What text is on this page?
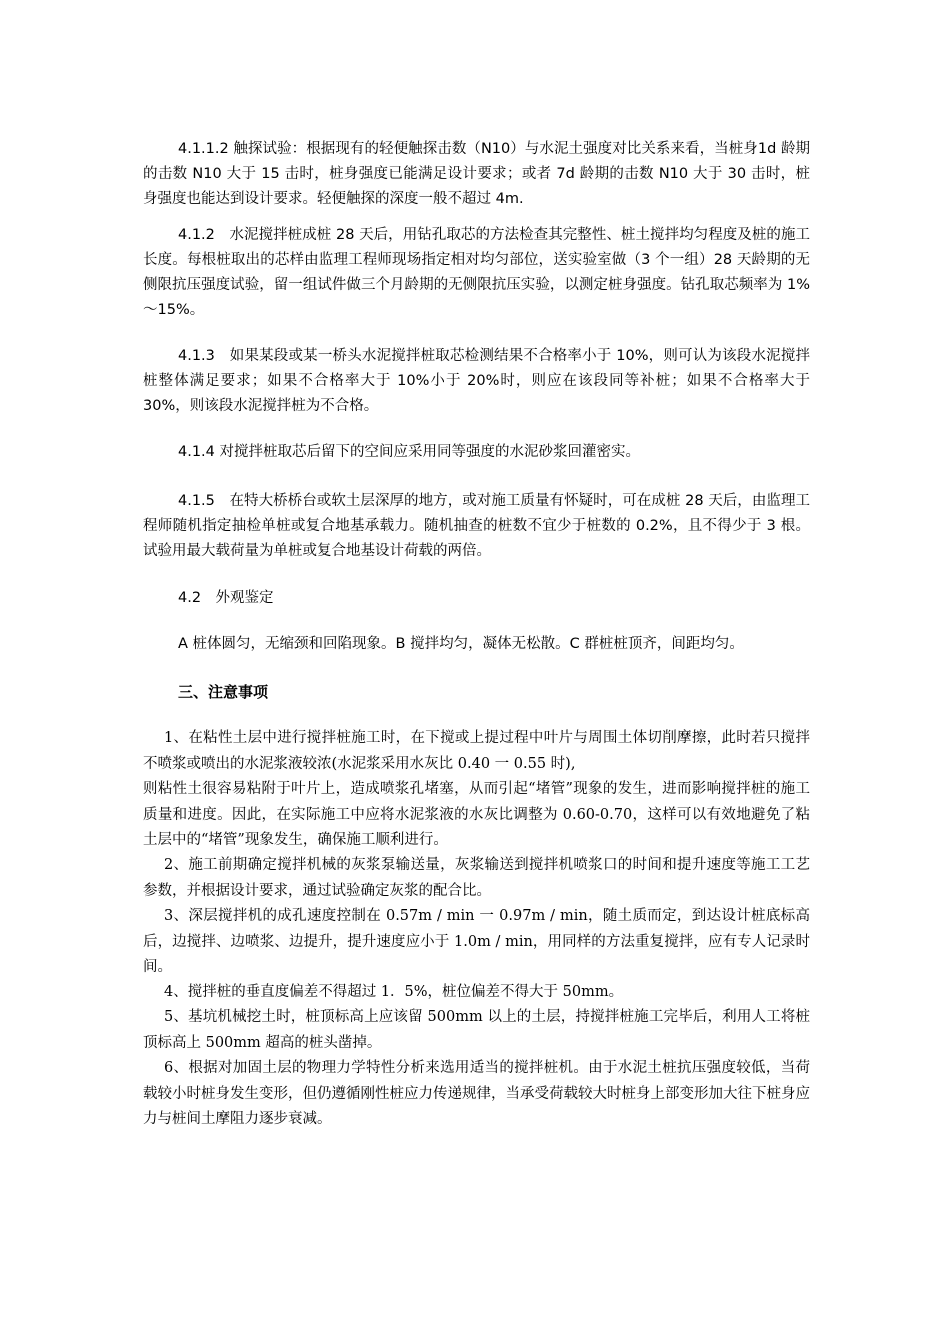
4.1.1.2 触探试验：根据现有的轻便触探击数（N10）与水泥土强度对比关系来看，当桩身1d 龄期的击数 N10 大于 15 击时，桩身强度已能满足设计要求；或者 7d 龄期的击数 N10 大于 30 击时，桩身强度也能达到设计要求。轻便触探的深度一般不超过 4m.

4.1.2　水泥搅拌桩成桩 28 天后，用钻孔取芯的方法检查其完整性、桩土搅拌均匀程度及桩的施工长度。每根桩取出的芯样由监理工程师现场指定相对均匀部位，送实验室做（3 个一组）28 天龄期的无侧限抗压强度试验，留一组试件做三个月龄期的无侧限抗压实验，以测定桩身强度。钻孔取芯频率为 1%～15%。

4.1.3　如果某段或某一桥头水泥搅拌桩取芯检测结果不合格率小于 10%，则可认为该段水泥搅拌桩整体满足要求；如果不合格率大于 10%小于 20%时，则应在该段同等补桩；如果不合格率大于 30%，则该段水泥搅拌桩为不合格。

4.1.4 对搅拌桩取芯后留下的空间应采用同等强度的水泥砂浆回灌密实。

4.1.5　在特大桥桥台或软土层深厚的地方，或对施工质量有怀疑时，可在成桩 28 天后，由监理工程师随机指定抽检单桩或复合地基承载力。随机抽查的桩数不宜少于桩数的 0.2%，且不得少于 3 根。试验用最大载荷量为单桩或复合地基设计荷载的两倍。

4.2　外观鉴定

A 桩体圆匀，无缩颈和回陷现象。B 搅拌均匀，凝体无松散。C 群桩桩顶齐，间距均匀。

三、注意事项

1、在粘性土层中进行搅拌桩施工时，在下搅或上提过程中叶片与周围土体切削摩擦，此时若只搅拌不喷浆或喷出的水泥浆液较浓(水泥浆采用水灰比 0.40 一 0.55 时),

则粘性土很容易粘附于叶片上，造成喷浆孔堵塞，从而引起“堵管”现象的发生，进而影响搅拌桩的施工质量和进度。因此，在实际施工中应将水泥浆液的水灰比调整为 0.60-0.70，这样可以有效地避免了粘土层中的“堵管”现象发生，确保施工顺利进行。

2、施工前期确定搅拌机械的灰浆泵输送量，灰浆输送到搅拌机喷浆口的时间和提升速度等施工工艺参数，并根据设计要求，通过试验确定灰浆的配合比。

3、深层搅拌机的成孔速度控制在 0.57m / min 一 0.97m / min，随土质而定，到达设计桩底标高后，边搅拌、边喷浆、边提升，提升速度应小于 1.0m / min，用同样的方法重复搅拌，应有专人记录时间。

4、搅拌桩的垂直度偏差不得超过 1．5%，桩位偏差不得大于 50mm。

5、基坑机械挖土时，桩顶标高上应该留 500mm 以上的土层，持搅拌桩施工完毕后，利用人工将桩顶标高上 500mm 超高的桩头凿掉。

6、根据对加固土层的物理力学特性分析来选用适当的搅拌桩机。由于水泥土桩抗压强度较低，当荷载较小时桩身发生变形，但仍遵循刚性桩应力传递规律，当承受荷载较大时桩身上部变形加大往下桩身应力与桩间土摩阻力逐步衰减。
